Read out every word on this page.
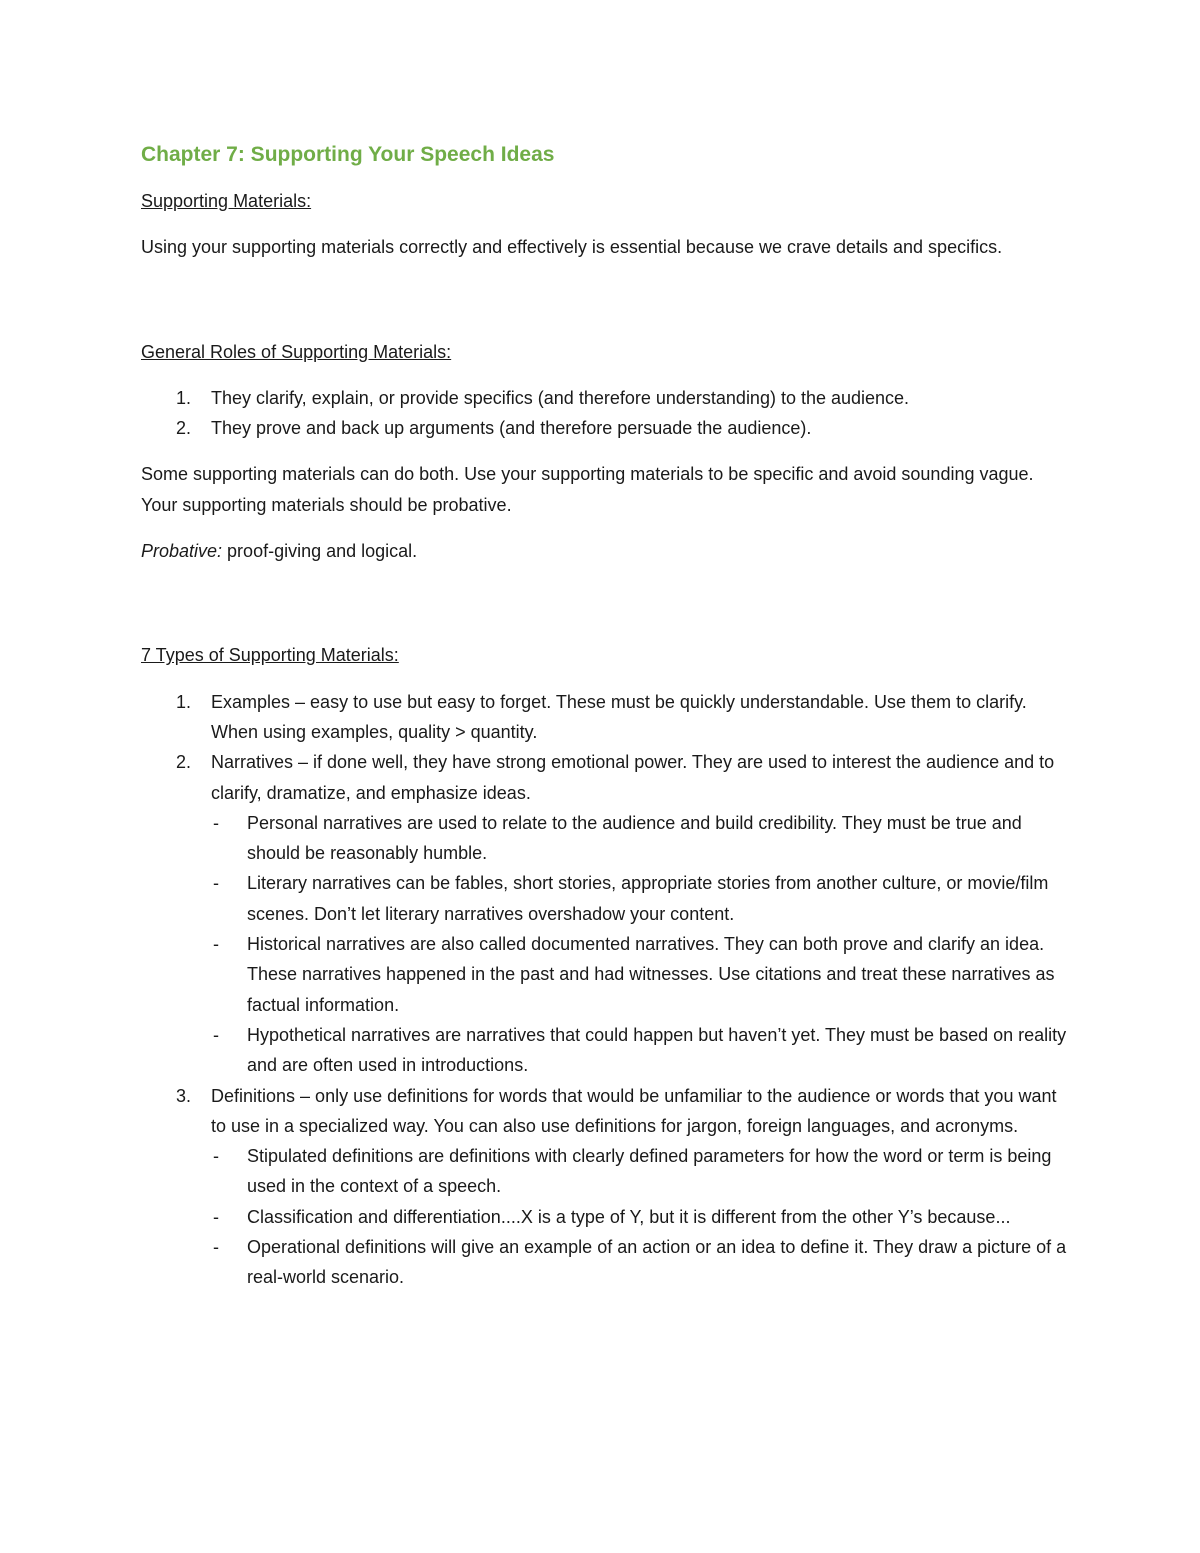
Chapter 7: Supporting Your Speech Ideas
Supporting Materials:

Using your supporting materials correctly and effectively is essential because we crave details and specifics.

General Roles of Supporting Materials:
1. They clarify, explain, or provide specifics (and therefore understanding) to the audience.
2. They prove and back up arguments (and therefore persuade the audience).

Some supporting materials can do both. Use your supporting materials to be specific and avoid sounding vague. Your supporting materials should be probative.

Probative: proof-giving and logical.

7 Types of Supporting Materials:
1. Examples – easy to use but easy to forget. These must be quickly understandable. Use them to clarify. When using examples, quality > quantity.
2. Narratives – if done well, they have strong emotional power. They are used to interest the audience and to clarify, dramatize, and emphasize ideas.
- Personal narratives are used to relate to the audience and build credibility. They must be true and should be reasonably humble.
- Literary narratives can be fables, short stories, appropriate stories from another culture, or movie/film scenes. Don’t let literary narratives overshadow your content.
- Historical narratives are also called documented narratives. They can both prove and clarify an idea. These narratives happened in the past and had witnesses. Use citations and treat these narratives as factual information.
- Hypothetical narratives are narratives that could happen but haven’t yet. They must be based on reality and are often used in introductions.
3. Definitions – only use definitions for words that would be unfamiliar to the audience or words that you want to use in a specialized way. You can also use definitions for jargon, foreign languages, and acronyms.
- Stipulated definitions are definitions with clearly defined parameters for how the word or term is being used in the context of a speech.
- Classification and differentiation....X is a type of Y, but it is different from the other Y’s because...
- Operational definitions will give an example of an action or an idea to define it. They draw a picture of a real-world scenario.
